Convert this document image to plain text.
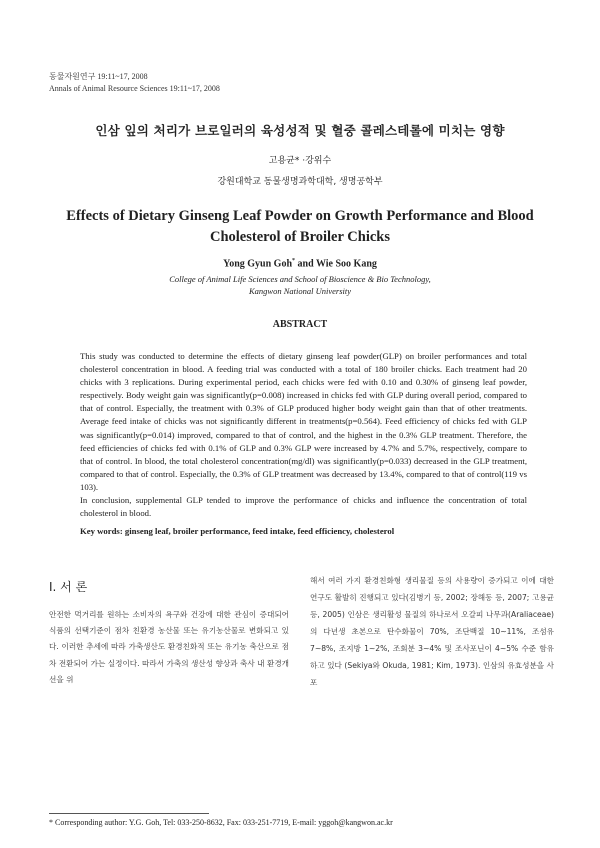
동물자원연구 19:11~17, 2008
Annals of Animal Resource Sciences 19:11~17, 2008
인삼 잎의 처리가 브로일러의 육성성적 및 혈중 콜레스테롤에 미치는 영향
고용균* ·강위수
강원대학교 동물생명과학대학, 생명공학부
Effects of Dietary Ginseng Leaf Powder on Growth Performance and Blood Cholesterol of Broiler Chicks
Yong Gyun Goh* and Wie Soo Kang
College of Animal Life Sciences and School of Bioscience & Bio Technology,
Kangwon National University
ABSTRACT

This study was conducted to determine the effects of dietary ginseng leaf powder(GLP) on broiler performances and total cholesterol concentration in blood. A feeding trial was conducted with a total of 180 broiler chicks. Each treatment had 20 chicks with 3 replications. During experimental period, each chicks were fed with 0.10 and 0.30% of ginseng leaf powder, respectively. Body weight gain was significantly(p=0.008) increased in chicks fed with GLP during overall period, compared to that of control. Especially, the treatment with 0.3% of GLP produced higher body weight gain than that of other treatments. Average feed intake of chicks was not significantly different in treatments(p=0.564). Feed efficiency of chicks fed with GLP was significantly(p=0.014) improved, compared to that of control, and the highest in the 0.3% GLP treatment. Therefore, the feed efficiencies of chicks fed with 0.1% of GLP and 0.3% GLP were increased by 4.7% and 5.7%, respectively, compare to that of control. In blood, the total cholesterol concentration(mg/dl) was significantly(p=0.033) decreased in the GLP treatment, compared to that of control. Especially, the 0.3% of GLP treatment was decreased by 13.4%, compared to that of control(119 vs 103).

In conclusion, supplemental GLP tended to improve the performance of chicks and influence the concentration of total cholesterol in blood.

Key words: ginseng leaf, broiler performance, feed intake, feed efficiency, cholesterol
Ⅰ. 서 론
안전한 먹거리를 원하는 소비자의 욕구와 건강에 대한 관심이 증대되어 식품의 선택기준이 점차 친환경 농산물 또는 유기농산물로 변화되고 있다. 이러한 추세에 따라 가축생산도 환경친화적 또는 유기농 축산으로 점차 전환되어 가는 실정이다. 따라서 가축의 생산성 향상과 축사 내 환경개선을 위
해서 여러 가지 환경친화형 생리물질 등의 사용량이 증가되고 이에 대한 연구도 활발히 진행되고 있다(김병기 등, 2002; 장해동 등, 2007; 고용균 등, 2005) 인삼은 생리활성 물질의 하나로서 오갈피 나무과(Araliaceae)의 다년생 초본으로 탄수화물이 70%, 조단백질 10~11%, 조섬유 7~8%, 조지방 1~2%, 조회분 3~4% 및 조사포닌이 4~5% 수준 함유하고 있다 (Sekiya와 Okuda, 1981; Kim, 1973). 인삼의 유효성분을 사포
* Corresponding author: Y.G. Goh, Tel: 033-250-8632, Fax: 033-251-7719, E-mail: yggoh@kangwon.ac.kr
